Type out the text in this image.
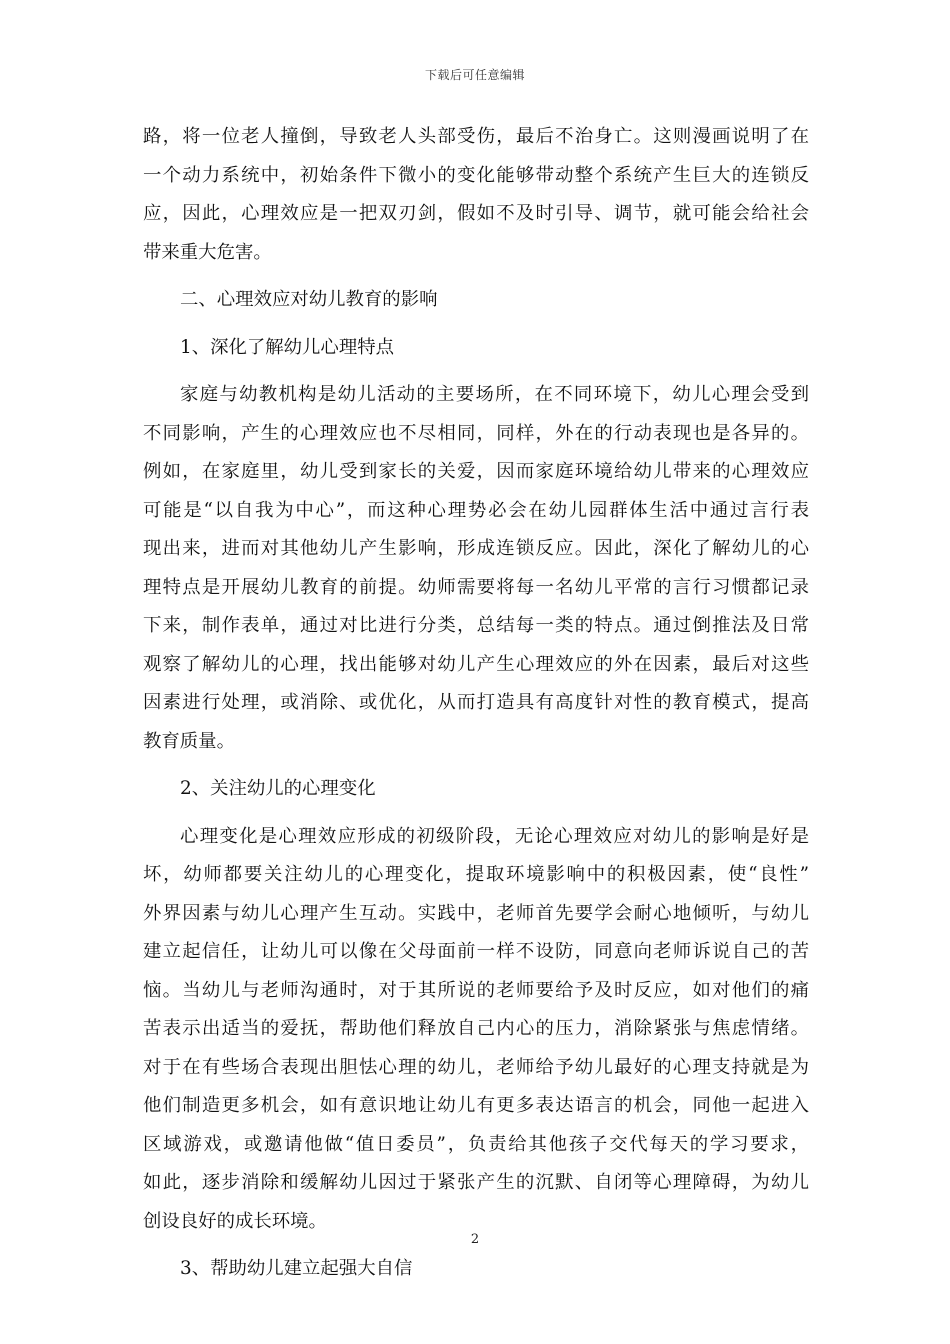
下载后可任意编辑
路，将一位老人撞倒，导致老人头部受伤，最后不治身亡。这则漫画说明了在
一个动力系统中，初始条件下微小的变化能够带动整个系统产生巨大的连锁反
应，因此，心理效应是一把双刃剑，假如不及时引导、调节，就可能会给社会
带来重大危害。
二、心理效应对幼儿教育的影响
1、深化了解幼儿心理特点
家庭与幼教机构是幼儿活动的主要场所，在不同环境下，幼儿心理会受到
不同影响，产生的心理效应也不尽相同，同样，外在的行动表现也是各异的。
例如，在家庭里，幼儿受到家长的关爱，因而家庭环境给幼儿带来的心理效应
可能是“以自我为中心”，而这种心理势必会在幼儿园群体生活中通过言行表
现出来，进而对其他幼儿产生影响，形成连锁反应。因此，深化了解幼儿的心
理特点是开展幼儿教育的前提。幼师需要将每一名幼儿平常的言行习惯都记录
下来，制作表单，通过对比进行分类，总结每一类的特点。通过倒推法及日常
观察了解幼儿的心理，找出能够对幼儿产生心理效应的外在因素，最后对这些
因素进行处理，或消除、或优化，从而打造具有高度针对性的教育模式，提高
教育质量。
2、关注幼儿的心理变化
心理变化是心理效应形成的初级阶段，无论心理效应对幼儿的影响是好是
坏，幼师都要关注幼儿的心理变化，提取环境影响中的积极因素，使“良性”
外界因素与幼儿心理产生互动。实践中，老师首先要学会耐心地倾听，与幼儿
建立起信任，让幼儿可以像在父母面前一样不设防，同意向老师诉说自己的苦
恼。当幼儿与老师沟通时，对于其所说的老师要给予及时反应，如对他们的痛
苦表示出适当的爱抚，帮助他们释放自己内心的压力，消除紧张与焦虑情绪。
对于在有些场合表现出胆怯心理的幼儿，老师给予幼儿最好的心理支持就是为
他们制造更多机会，如有意识地让幼儿有更多表达语言的机会，同他一起进入
区域游戏，或邀请他做“值日委员”，负责给其他孩子交代每天的学习要求，
如此，逐步消除和缓解幼儿因过于紧张产生的沉默、自闭等心理障碍，为幼儿
创设良好的成长环境。
3、帮助幼儿建立起强大自信
2
